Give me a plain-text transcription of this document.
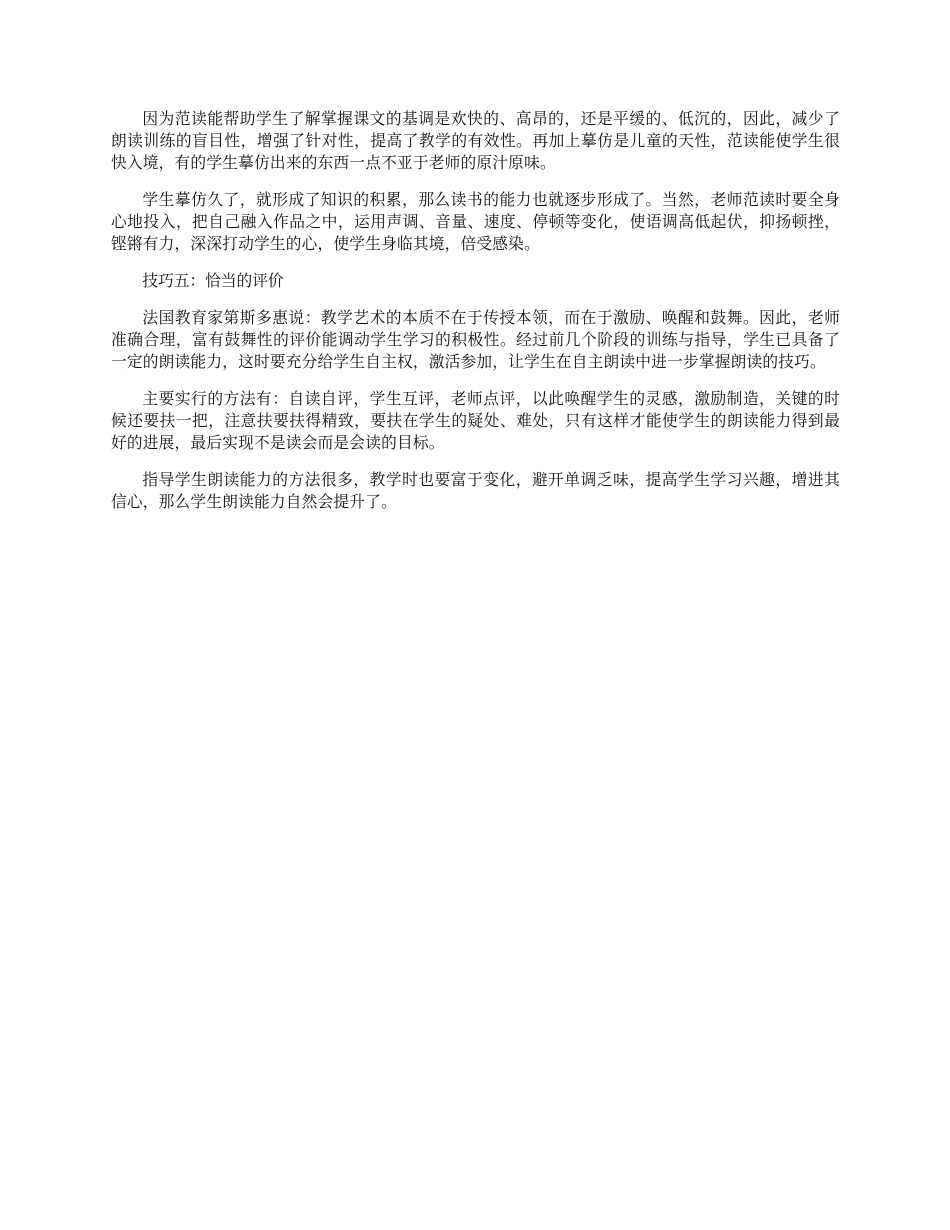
因为范读能帮助学生了解掌握课文的基调是欢快的、高昂的，还是平缓的、低沉的，因此，减少了朗读训练的盲目性，增强了针对性，提高了教学的有效性。再加上摹仿是儿童的天性，范读能使学生很快入境，有的学生摹仿出来的东西一点不亚于老师的原汁原味。

学生摹仿久了，就形成了知识的积累，那么读书的能力也就逐步形成了。当然，老师范读时要全身心地投入，把自己融入作品之中，运用声调、音量、速度、停顿等变化，使语调高低起伏，抑扬顿挫，铿锵有力，深深打动学生的心，使学生身临其境，倍受感染。

技巧五：恰当的评价

法国教育家第斯多惠说：教学艺术的本质不在于传授本领，而在于激励、唤醒和鼓舞。因此，老师准确合理，富有鼓舞性的评价能调动学生学习的积极性。经过前几个阶段的训练与指导，学生已具备了一定的朗读能力，这时要充分给学生自主权，激活参加，让学生在自主朗读中进一步掌握朗读的技巧。

主要实行的方法有：自读自评，学生互评，老师点评，以此唤醒学生的灵感，激励制造，关键的时候还要扶一把，注意扶要扶得精致，要扶在学生的疑处、难处，只有这样才能使学生的朗读能力得到最好的进展，最后实现不是读会而是会读的目标。

指导学生朗读能力的方法很多，教学时也要富于变化，避开单调乏味，提高学生学习兴趣，增进其信心，那么学生朗读能力自然会提升了。
